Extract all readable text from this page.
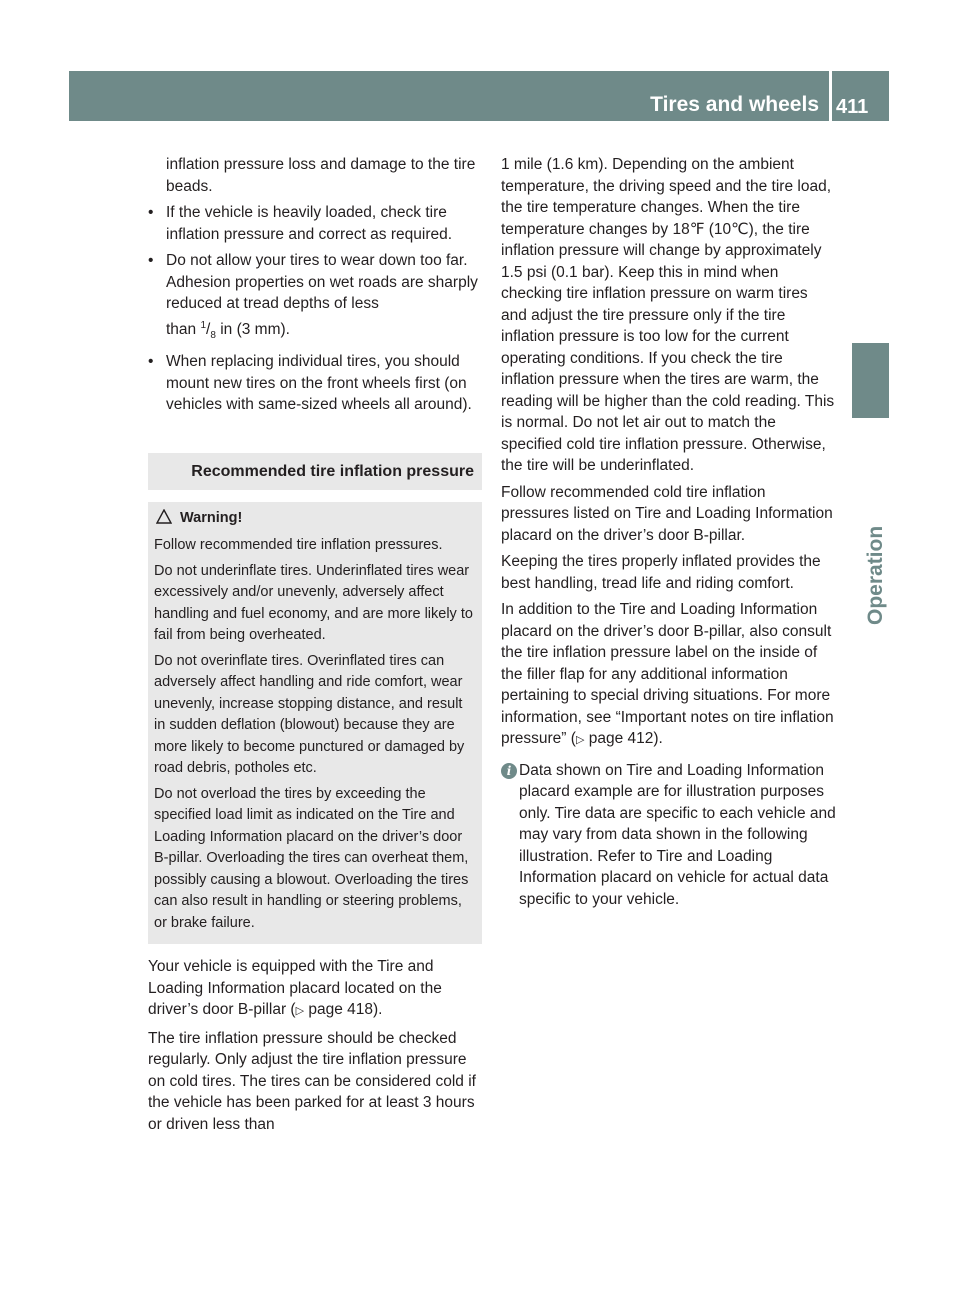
Tires and wheels 411
Operation

inflation pressure loss and damage to the tire beads.

• If the vehicle is heavily loaded, check tire inflation pressure and correct as required.
• Do not allow your tires to wear down too far. Adhesion properties on wet roads are sharply reduced at tread depths of less
than $^1/_8$ in (3 mm).
• When replacing individual tires, you should mount new tires on the front wheels first (on vehicles with same-sized wheels all around).
Recommended tire inflation pressure
Warning!

Follow recommended tire inflation pressures.

Do not underinflate tires. Underinflated tires wear excessively and/or unevenly, adversely affect handling and fuel economy, and are more likely to fail from being overheated.

Do not overinflate tires. Overinflated tires can adversely affect handling and ride comfort, wear unevenly, increase stopping distance, and result in sudden deflation (blowout) because they are more likely to become punctured or damaged by road debris, potholes etc.

Do not overload the tires by exceeding the specified load limit as indicated on the Tire and Loading Information placard on the driver’s door B-pillar. Overloading the tires can overheat them, possibly causing a blowout. Overloading the tires can also result in handling or steering problems, or brake failure.

Your vehicle is equipped with the Tire and Loading Information placard located on the driver’s door B-pillar (▷ page 418).

The tire inflation pressure should be checked regularly. Only adjust the tire inflation pressure on cold tires. The tires can be considered cold if the vehicle has been parked for at least 3 hours or driven less than

1 mile (1.6 km). Depending on the ambient temperature, the driving speed and the tire load, the tire temperature changes. When the tire temperature changes by 18℉ (10℃), the tire inflation pressure will change by approximately 1.5 psi (0.1 bar). Keep this in mind when checking tire inflation pressure on warm tires and adjust the tire pressure only if the tire inflation pressure is too low for the current operating conditions. If you check the tire inflation pressure when the tires are warm, the reading will be higher than the cold reading. This is normal. Do not let air out to match the specified cold tire inflation pressure. Otherwise, the tire will be underinflated.

Follow recommended cold tire inflation pressures listed on Tire and Loading Information placard on the driver’s door B-pillar.

Keeping the tires properly inflated provides the best handling, tread life and riding comfort.

In addition to the Tire and Loading Information placard on the driver’s door B-pillar, also consult the tire inflation pressure label on the inside of the filler flap for any additional information pertaining to special driving situations. For more information, see “Important notes on tire inflation pressure” (▷ page 412).

i Data shown on Tire and Loading Information placard example are for illustration purposes only. Tire data are specific to each vehicle and may vary from data shown in the following illustration. Refer to Tire and Loading Information placard on vehicle for actual data specific to your vehicle.
